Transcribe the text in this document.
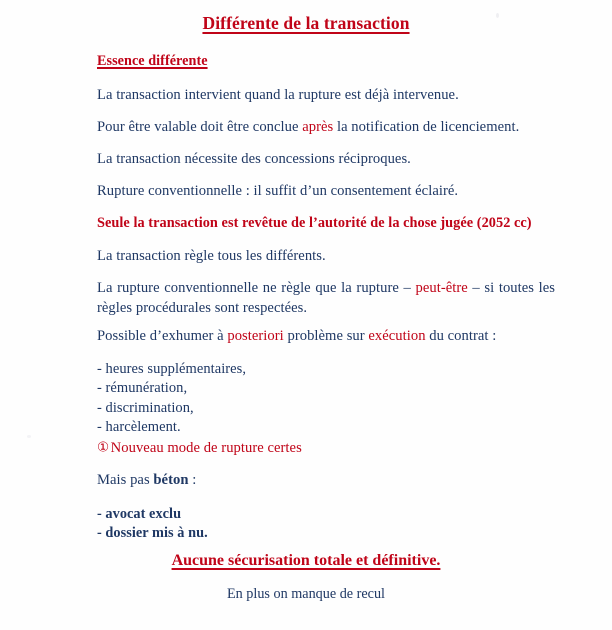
Différente de la transaction
Essence différente
La transaction intervient quand la rupture est déjà intervenue.
Pour être valable doit être conclue après la notification de licenciement.
La transaction nécessite des concessions réciproques.
Rupture conventionnelle : il suffit d’un consentement éclairé.
Seule la transaction est revêtue de l’autorité de la chose jugée (2052 cc)
La transaction règle tous les différents.
La rupture conventionnelle ne règle que la rupture – peut-être – si toutes les règles procédurales sont respectées.
Possible d’exhumer à posteriori problème sur exécution du contrat :
- heures supplémentaires,
- rémunération,
- discrimination,
- harcèlement.
① Nouveau mode de rupture certes
Mais pas béton :
- avocat exclu
- dossier mis à nu.
Aucune sécurisation totale et définitive.
En plus on manque de recul
